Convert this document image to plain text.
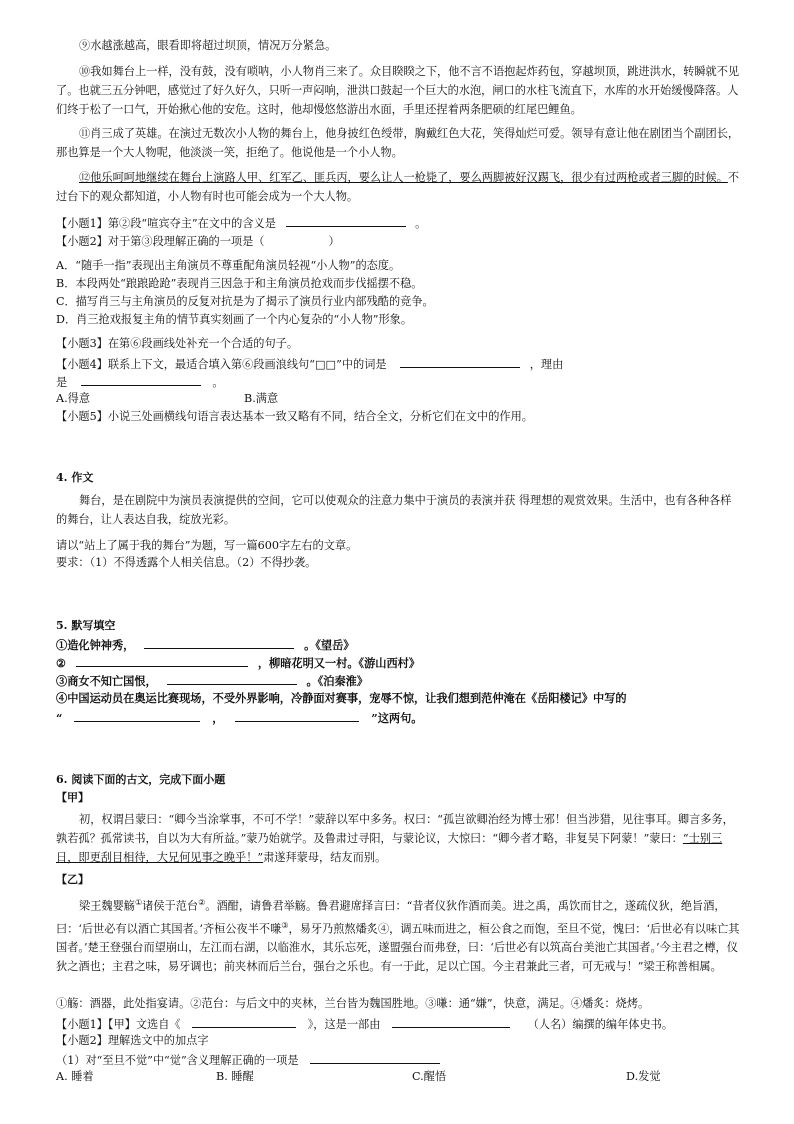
⑨水越涨越高，眼看即将超过坝顶，情况万分紧急。

⑩我如舞台上一样，没有鼓，没有唢呐，小人物肖三来了。众目睽睽之下，他不言不语抱起炸药包，穿越坝顶，跳进洪水，转瞬就不见了。也就三五分钟吧，感觉过了好久好久，只听一声闷响，泄洪口鼓起一个巨大的水泡，闸口的水柱飞流直下，水库的水开始缓慢降落。人们终于松了一口气，开始揪心他的安危。这时，他却慢悠悠游出水面，手里还捏着两条肥硕的红尾巴鲤鱼。

⑪肖三成了英雄。在演过无数次小人物的舞台上，他身披红色绶带，胸戴红色大花，笑得灿烂可爱。领导有意让他在剧团当个副团长，那也算是一个大人物呢，他淡淡一笑，拒绝了。他说他是一个小人物。

⑫他乐呵呵地继续在舞台上演路人甲、红军乙、匪兵丙，要么让人一枪毙了，要么两脚被好汉踢飞，很少有过两枪或者三脚的时候。不过台下的观众都知道，小人物有时也可能会成为一个大人物。

【小题1】第②段“喧宾夺主”在文中的含义是	。
【小题2】对于第③段理解正确的一项是（	）
A．“随手一指”表现出主角演员不尊重配角演员轻视“小人物”的态度。
B．本段两处“踉踉跄跄”表现肖三因急于和主角演员抢戏而步伐摇摆不稳。
C．描写肖三与主角演员的反复对抗是为了揭示了演员行业内部残酷的竞争。
D．肖三抢戏报复主角的情节真实刻画了一个内心复杂的“小人物”形象。
【小题3】在第⑥段画线处补充一个合适的句子。
【小题4】联系上下文，最适合填入第⑥段画浪线句“□□”中的词是	，理由
是	。
A.得意	B.满意
【小题5】小说三处画横线句语言表达基本一致又略有不同，结合全文，分析它们在文中的作用。
4. 作文

舞台，是在剧院中为演员表演提供的空间，它可以使观众的注意力集中于演员的表演并获 得理想的观赏效果。生活中，也有各种各样的舞台，让人表达自我，绽放光彩。

请以“站上了属于我的舞台”为题，写一篇600字左右的文章。
要求：（1）不得透露个人相关信息。（2）不得抄袭。
5. 默写填空
①造化钟神秀，	。《望岳》
②	，柳暗花明又一村。《游山西村》
③商女不知亡国恨，	。《泊秦淮》
④中国运动员在奥运比赛现场，不受外界影响，冷静面对赛事，宠辱不惊，让我们想到范仲淹在《岳阳楼记》中写的
“	，	”这两句。
6. 阅读下面的古文，完成下面小题
【甲】

初，权谓吕蒙曰：“卿今当涂掌事，不可不学！”蒙辞以军中多务。权曰：“孤岂欲卿治经为博士邪！但当涉猎，见往事耳。卿言多务，孰若孤？孤常读书，自以为大有所益。”蒙乃始就学。及鲁肃过寻阳，与蒙论议，大惊曰：“卿今者才略，非复吴下阿蒙！”蒙曰：“士别三日，即更刮目相待，大兄何见事之晚乎！”肃遂拜蒙母，结友而别。

【乙】

梁王魏婴觞①诸侯于范台②。酒酣，请鲁君举觞。鲁君避席择言曰：“昔者仪狄作酒而美。进之禹，禹饮而甘之，遂疏仪狄，绝旨酒，曰：‘后世必有以酒亡其国者。’齐桓公夜半不嗛③，易牙乃煎熬燔炙④，调五味而进之，桓公食之而饱，至旦不觉，愧曰：‘后世必有以味亡其国者。’楚王登强台而望崩山，左江而右湖，以临淮水，其乐忘死，遂盟强台而弗登，曰：‘后世必有以筑高台美池亡其国者。’今主君之樽，仪狄之酒也；主君之味，易牙调也；前夹林而后兰台，强台之乐也。有一于此，足以亡国。今主君兼此三者，可无戒与！”梁王称善相属。

①觞：酒器，此处指宴请。②范台：与后文中的夹林，兰台皆为魏国胜地。③嗛：通“嫌”，快意，满足。④燔炙：烧烤。
【小题1】【甲】文选自《	》，这是一部由	（人名）编撰的编年体史书。
【小题2】理解选文中的加点字
（1）对“至旦不觉”中“觉”含义理解正确的一项是
A. 睡着	B. 睡醒	C.醒悟	D.发觉
